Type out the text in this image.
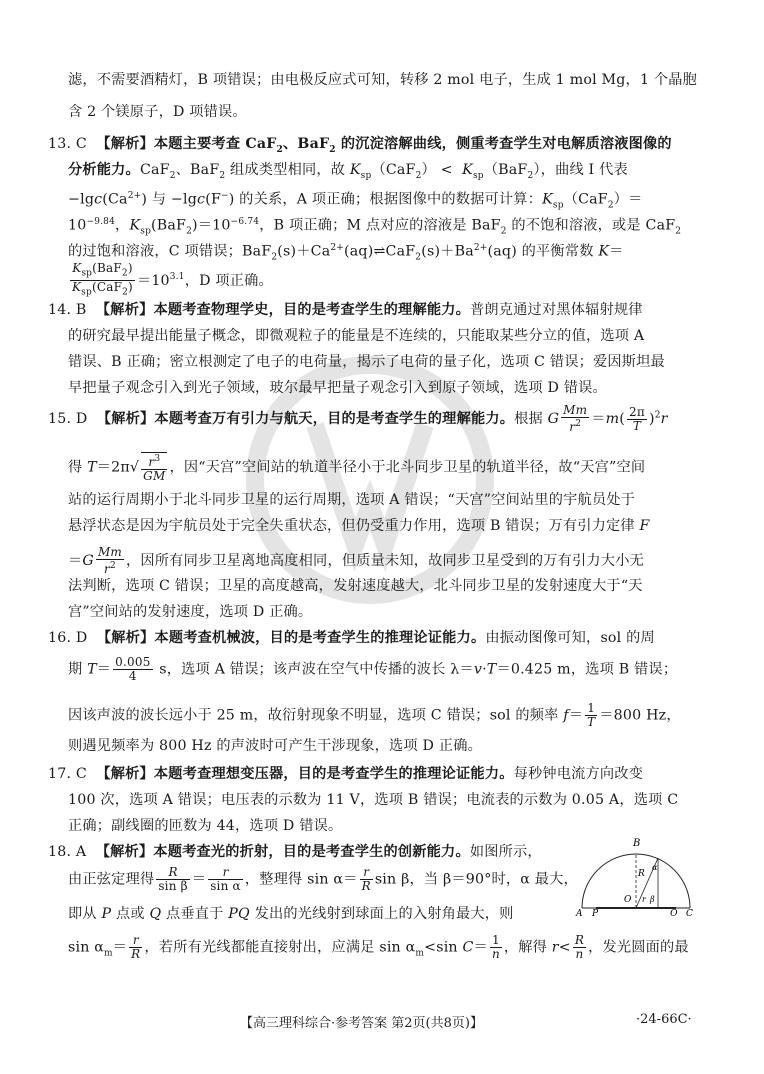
滤，不需要酒精灯，B 项错误；由电极反应式可知，转移 2 mol 电子，生成 1 mol Mg，1 个晶胞
含 2 个镁原子，D 项错误。
13. C  【解析】本题主要考查 CaF$_2$、BaF$_2$ 的沉淀溶解曲线，侧重考查学生对电解质溶液图像的
分析能力。CaF$_2$、BaF$_2$ 组成类型相同，故 $K_{sp}(CaF_2) < K_{sp}(BaF_2)$，曲线 Ⅰ 代表
$-\lg c(Ca^{2+})$ 与 −lgc(F−) 的关系，A 项正确；根据图像中的数据可计算：$K_{sp}(CaF_2)=$
$10^{-9.84}$，$K_{sp}(BaF_2)=10^{-6.74}$，B 项正确；M 点对应的溶液是 BaF$_2$ 的不饱和溶液，或是 CaF$_2$
的过饱和溶液，C 项错误；$BaF_2(s)+Ca^{2+}(aq)\rightleftharpoons CaF_2(s)+Ba^{2+}(aq)$ 的平衡常数 K＝
$\frac{K_{sp}(BaF_2)}{K_{sp}(CaF_2)} =10^{3.1}$，D 项正确。
14. B  【解析】本题考查物理学史，目的是考查学生的理解能力。普朗克通过对黑体辐射规律
的研究最早提出能量子概念，即微观粒子的能量是不连续的，只能取某些分立的值，选项 A
错误、B 正确；密立根测定了电子的电荷量，揭示了电荷的量子化，选项 C 错误；爱因斯坦最
早把量子观念引入到光子领域，玻尔最早把量子观念引入到原子领域，选项 D 错误。
15. D  【解析】本题考查万有引力与航天，目的是考查学生的理解能力。根据 G $\frac{Mm}{r^2} =m( \frac{2\pi}{T} )^2r$
得 $T=2\pi√ \frac{r^3}{GM}$ ，因“天宫”空间站的轨道半径小于北斗同步卫星的轨道半径，故“天宫”空间
站的运行周期小于北斗同步卫星的运行周期，选项 A 错误；“天宫”空间站里的宇航员处于
悬浮状态是因为宇航员处于完全失重状态，但仍受重力作用，选项 B 错误；万有引力定律 F
$=G \frac{Mm}{r^2}$ ，因所有同步卫星离地高度相同，但质量未知，故同步卫星受到的万有引力大小无
法判断，选项 C 错误；卫星的高度越高，发射速度越大，北斗同步卫星的发射速度大于“天
宫”空间站的发射速度，选项 D 正确。
16. D  【解析】本题考查机械波，目的是考查学生的推理论证能力。由振动图像可知，sol 的周
期 $T= \frac{0.005}{4}$ s，选项 A 错误；该声波在空气中传播的波长 λ＝v·T＝0.425 m，选项 B 错误；
因该声波的波长远小于 25 m，故衍射现象不明显，选项 C 错误；sol 的频率 $f= \frac{1}{T} =800$ Hz，
则遇见频率为 800 Hz 的声波时可产生干涉现象，选项 D 正确。
17. C  【解析】本题考查理想变压器，目的是考查学生的推理论证能力。每秒钟电流方向改变
100 次，选项 A 错误；电压表的示数为 11 V，选项 B 错误；电流表的示数为 0.05 A，选项 C
正确；副线圈的匝数为 44，选项 D 错误。
18. A  【解析】本题考查光的折射，目的是考查学生的创新能力。如图所示，
由正弦定理得 $\frac{R}{\text{sin β}} = \frac{r}{\text{sin α}}$ ，整理得 $\sin \alpha= \frac{r}{R}$ sin β，当 β＝90°时，α 最大，
即从 P 点或 Q 点垂直于 PQ 发出的光线射到球面上的入射角最大，则
$\sin \alpha_m= \frac{r}{R}$ ，若所有光线都能直接射出，应满足 $\sin \alpha_m<\sin$ $C= \frac{1}{n}$ ，解得 $r< \frac{R}{n}$ ，发光圆面的最
B
R
α
O r β
A P	Q C
【高三理科综合·参考答案 第2页(共8页)】	·24-66C·
